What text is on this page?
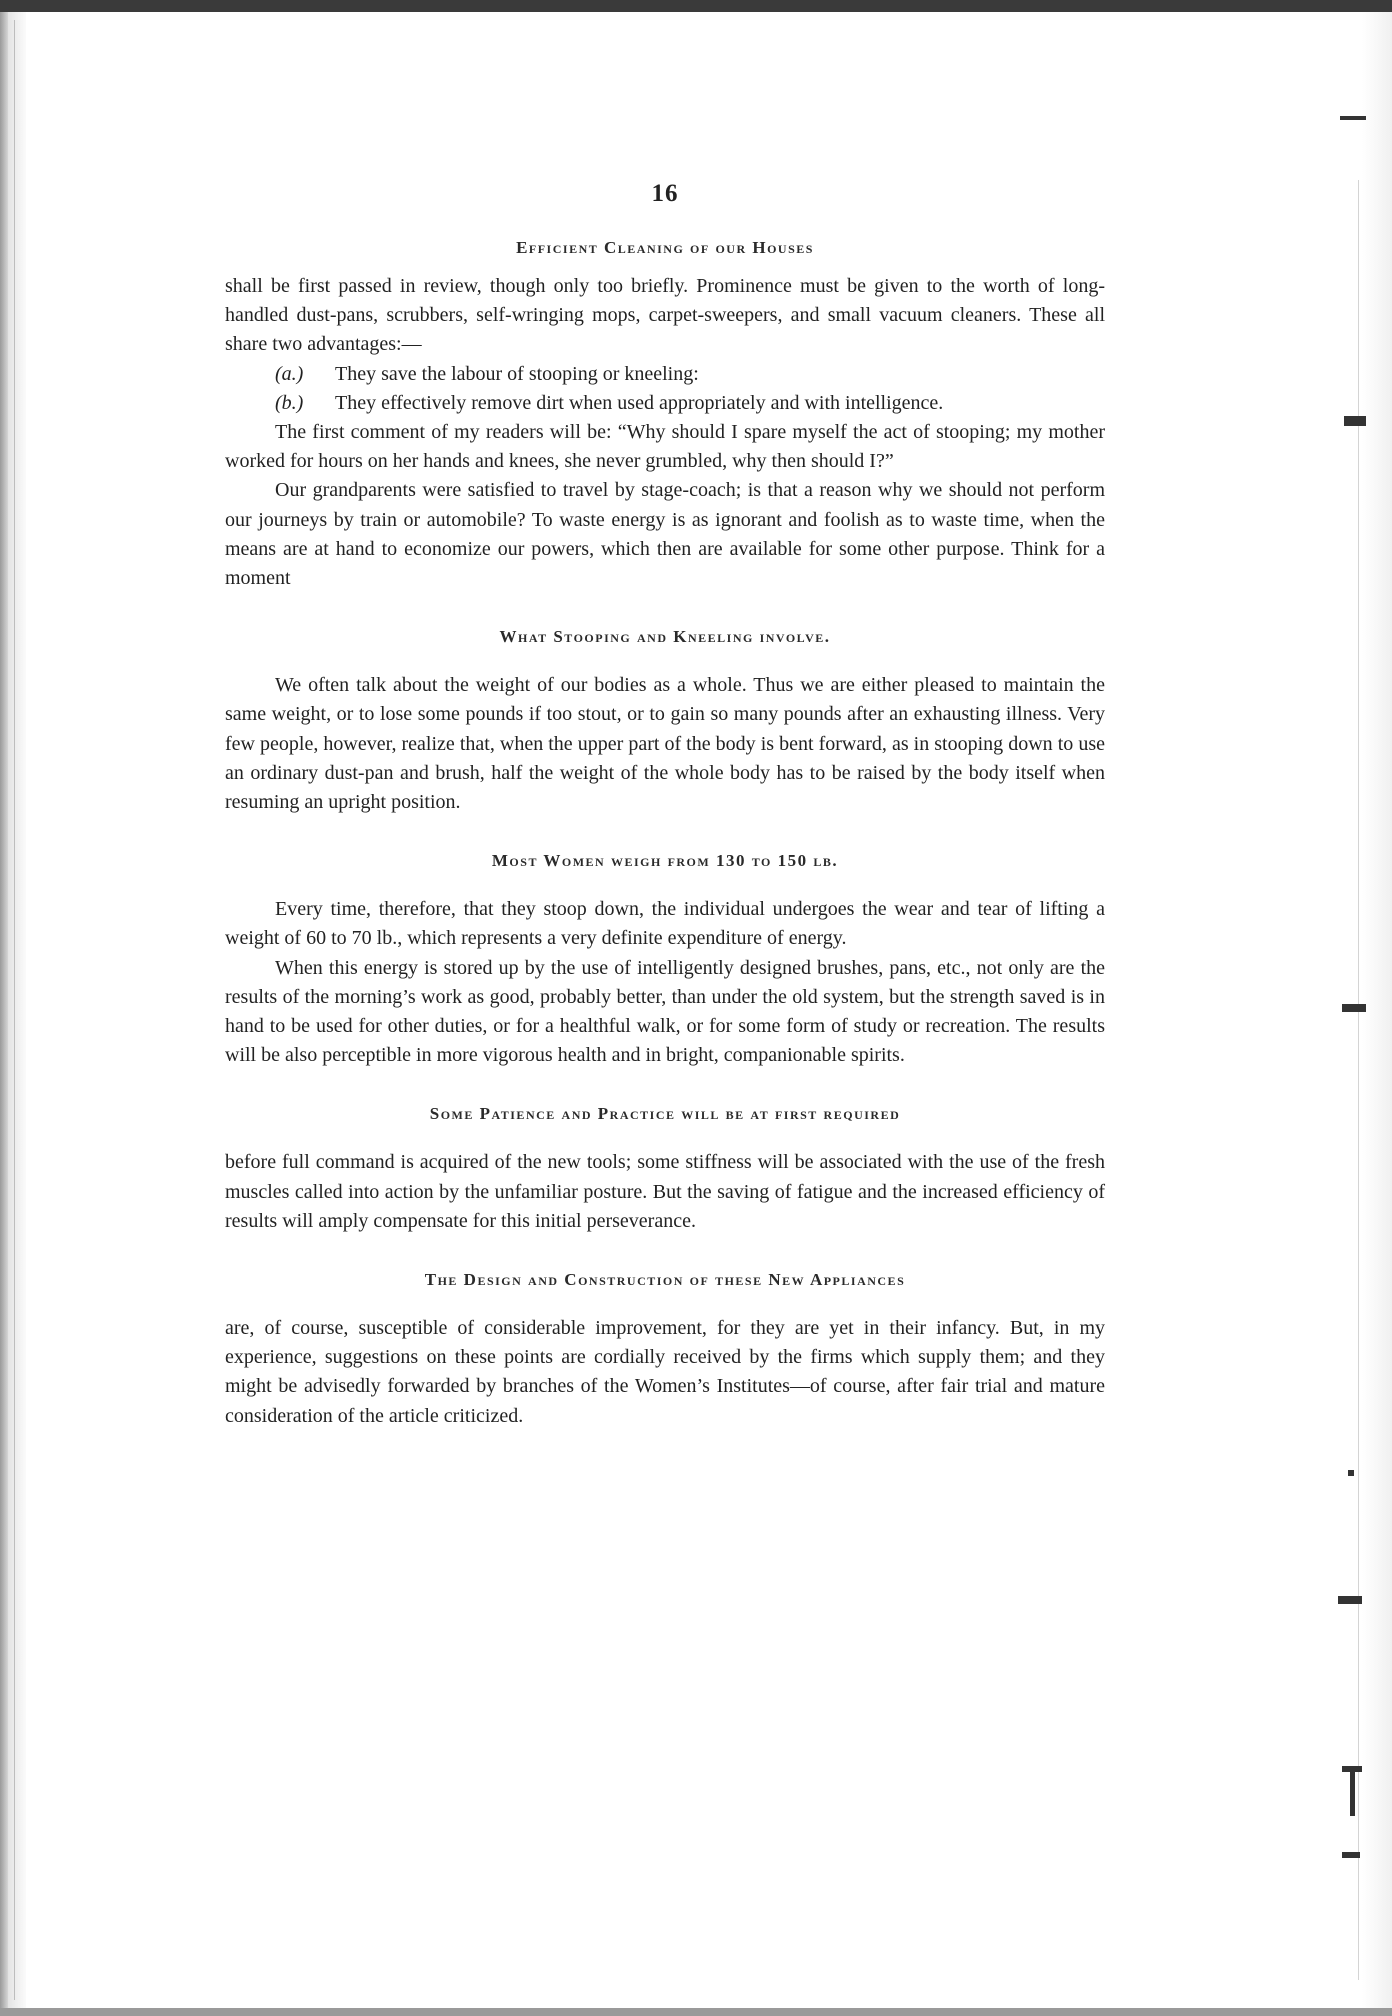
16
Efficient Cleaning of our Houses

shall be first passed in review, though only too briefly. Prominence must be given to the worth of long-handled dust-pans, scrubbers, self-wringing mops, carpet-sweepers, and small vacuum cleaners. These all share two advantages:—

(a.)	They save the labour of stooping or kneeling:
(b.)	They effectively remove dirt when used appropriately and with intelligence.

The first comment of my readers will be: “Why should I spare myself the act of stooping; my mother worked for hours on her hands and knees, she never grumbled, why then should I?”

Our grandparents were satisfied to travel by stage-coach; is that a reason why we should not perform our journeys by train or automobile? To waste energy is as ignorant and foolish as to waste time, when the means are at hand to economize our powers, which then are available for some other purpose. Think for a moment

What Stooping and Kneeling involve.

We often talk about the weight of our bodies as a whole. Thus we are either pleased to maintain the same weight, or to lose some pounds if too stout, or to gain so many pounds after an exhausting illness. Very few people, however, realize that, when the upper part of the body is bent forward, as in stooping down to use an ordinary dust-pan and brush, half the weight of the whole body has to be raised by the body itself when resuming an upright position.

Most Women weigh from 130 to 150 lb.

Every time, therefore, that they stoop down, the individual undergoes the wear and tear of lifting a weight of 60 to 70 lb., which represents a very definite expenditure of energy.

When this energy is stored up by the use of intelligently designed brushes, pans, etc., not only are the results of the morning’s work as good, probably better, than under the old system, but the strength saved is in hand to be used for other duties, or for a healthful walk, or for some form of study or recreation. The results will be also perceptible in more vigorous health and in bright, companionable spirits.

Some Patience and Practice will be at first required

before full command is acquired of the new tools; some stiffness will be associated with the use of the fresh muscles called into action by the unfamiliar posture. But the saving of fatigue and the increased efficiency of results will amply compensate for this initial perseverance.

The Design and Construction of these New Appliances

are, of course, susceptible of considerable improvement, for they are yet in their infancy. But, in my experience, suggestions on these points are cordially received by the firms which supply them; and they might be advisedly forwarded by branches of the Women’s Institutes—of course, after fair trial and mature consideration of the article criticized.
